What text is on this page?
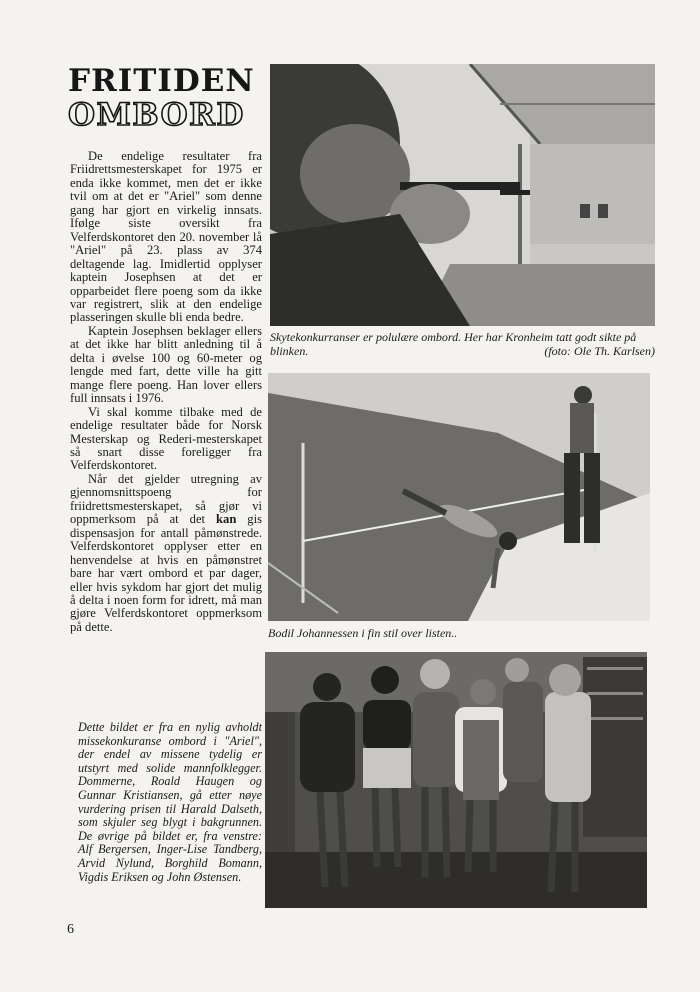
FRITIDEN
OMBORD

De endelige resultater fra Friidrettsmesterskapet for 1975 er enda ikke kommet, men det er ikke tvil om at det er "Ariel" som denne gang har gjort en virkelig innsats. Ifølge siste oversikt fra Velferdskontoret den 20. november lå "Ariel" på 23. plass av 374 deltagende lag. Imidlertid opplyser kaptein Josephsen at det er opparbeidet flere poeng som da ikke var registrert, slik at den endelige plasseringen skulle bli enda bedre.

Kaptein Josephsen beklager ellers at det ikke har blitt anledning til å delta i øvelse 100 og 60-meter og lengde med fart, dette ville ha gitt mange flere poeng. Han lover ellers full innsats i 1976.

Vi skal komme tilbake med de endelige resultater både for Norsk Mesterskap og Rederi-mesterskapet så snart disse foreligger fra Velferdskontoret.

Når det gjelder utregning av gjennomsnittspoeng for friidrettsmesterskapet, så gjør vi oppmerksom på at det kan gis dispensasjon for antall påmønstrede. Velferdskontoret opplyser etter en henvendelse at hvis en påmønstret bare har vært ombord et par dager, eller hvis sykdom har gjort det mulig å delta i noen form for idrett, må man gjøre Velferdskontoret oppmerksom på dette.

Dette bildet er fra en nylig avholdt missekonkuranse ombord i "Ariel", der endel av missene tydelig er utstyrt med solide mannfolklegger. Dommerne, Roald Haugen og Gunnar Kristiansen, gå etter nøye vurdering prisen til Harald Dalseth, som skjuler seg blygt i bakgrunnen. De øvrige på bildet er, fra venstre: Alf Bergersen, Inger-Lise Tandberg, Arvid Nylund, Borghild Bomann, Vigdis Eriksen og John Østensen.
Skytekonkurranser er polulære ombord. Her har Kronheim tatt godt sikte på blinken.	(foto: Ole Th. Karlsen)
Bodil Johannessen i fin stil over listen..
6
